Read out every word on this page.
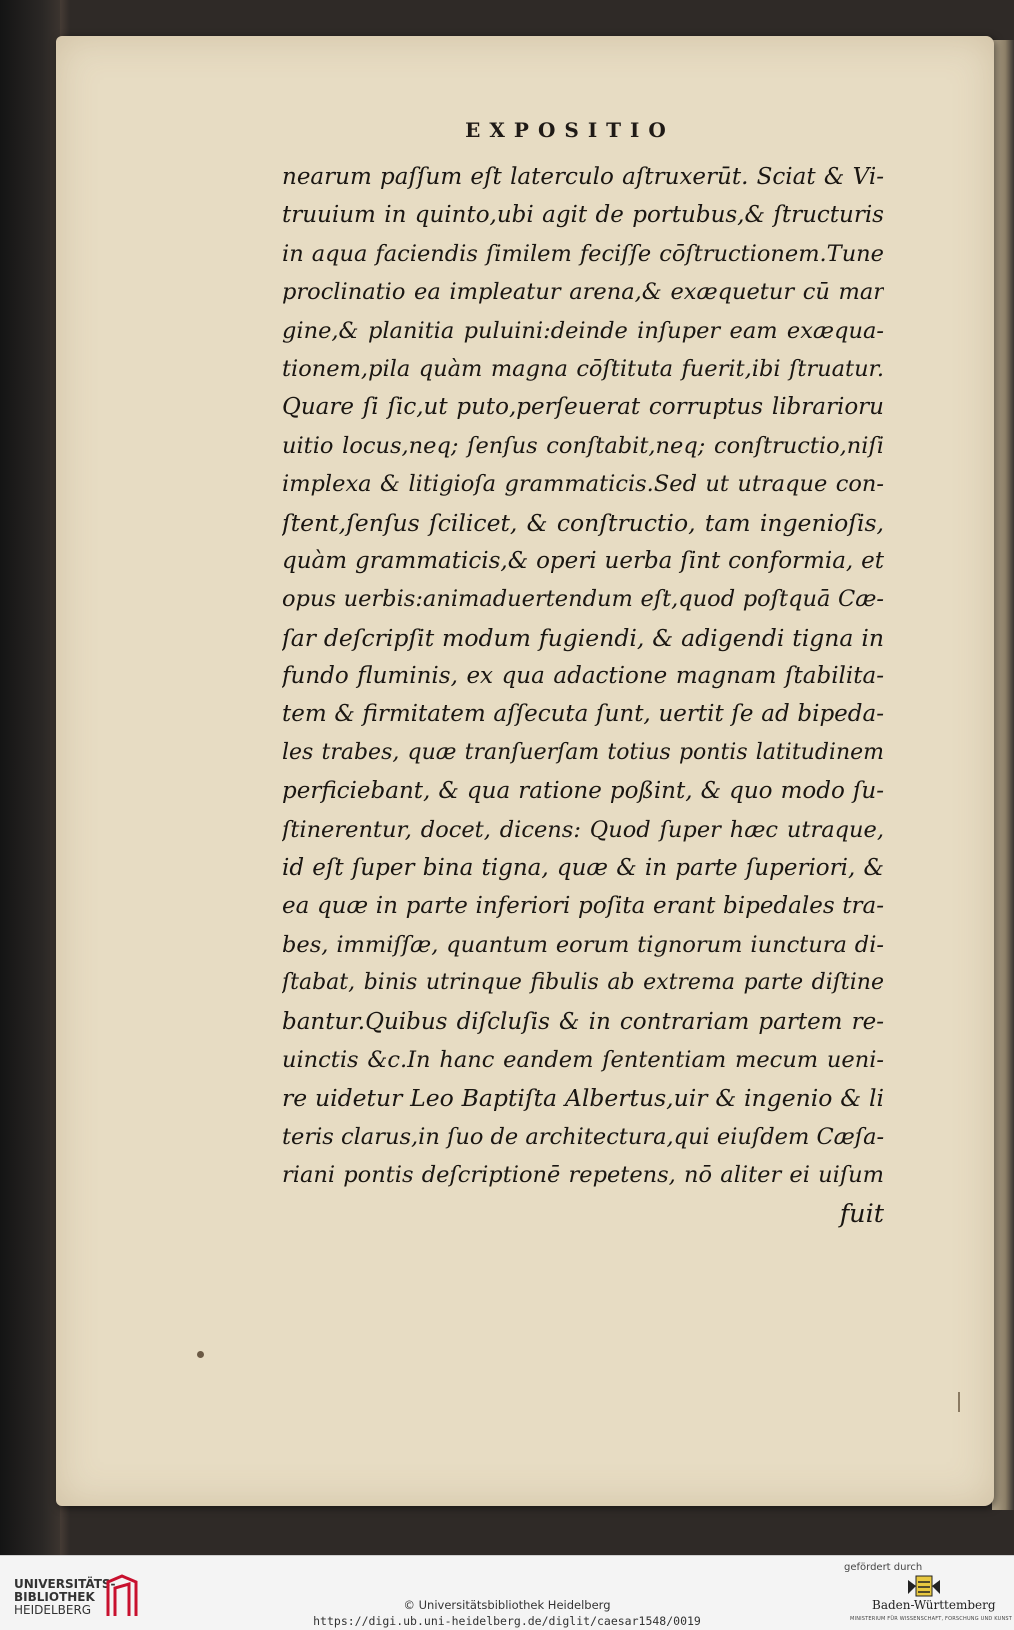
EXPOSITIO
nearum paſſum eſt laterculo aſtruxerūt. Sciat & Vi-
truuium in quinto,ubi agit de portubus,& ſtructuris
in aqua faciendis ſimilem feciſſe cōſtructionem.Tune
proclinatio ea impleatur arena,& exæquetur cū mar
gine,& planitia puluini:deinde inſuper eam exæqua-
tionem,pila quàm magna cōſtituta fuerit,ibi ſtruatur.
Quare ſi ſic,ut puto,perſeuerat corruptus librarioru
uitio locus,neq; ſenſus conſtabit,neq; conſtructio,niſi
implexa & litigioſa grammaticis.Sed ut utraque con-
ſtent,ſenſus ſcilicet, & conſtructio, tam ingenioſis,
quàm grammaticis,& operi uerba ſint conformia, et
opus uerbis:animaduertendum eſt,quod poſtquā Cæ-
ſar deſcripſit modum fugiendi, & adigendi tigna in
fundo fluminis, ex qua adactione magnam ſtabilita-
tem & firmitatem aſſecuta ſunt, uertit ſe ad bipeda-
les trabes, quæ tranſuerſam totius pontis latitudinem
perficiebant, & qua ratione poßint, & quo modo ſu-
ſtinerentur, docet, dicens: Quod ſuper hæc utraque,
id eſt ſuper bina tigna, quæ & in parte ſuperiori, &
ea quæ in parte inferiori poſita erant bipedales tra-
bes, immiſſæ, quantum eorum tignorum iunctura di-
ſtabat, binis utrinque fibulis ab extrema parte diſtine
bantur.Quibus diſcluſis & in contrariam partem re-
uinctis &c.In hanc eandem ſententiam mecum ueni-
re uidetur Leo Baptiſta Albertus,uir & ingenio & li
teris clarus,in ſuo de architectura,qui eiuſdem Cæſa-
riani pontis deſcriptionē repetens, nō aliter ei uiſum
fuit
UNIVERSITÄTS-
BIBLIOTHEK
HEIDELBERG	© Universitätsbibliothek Heidelberg
https://digi.ub.uni-heidelberg.de/diglit/caesar1548/0019
gefördert durch
Baden-Württemberg
MINISTERIUM FÜR WISSENSCHAFT, FORSCHUNG UND KUNST
